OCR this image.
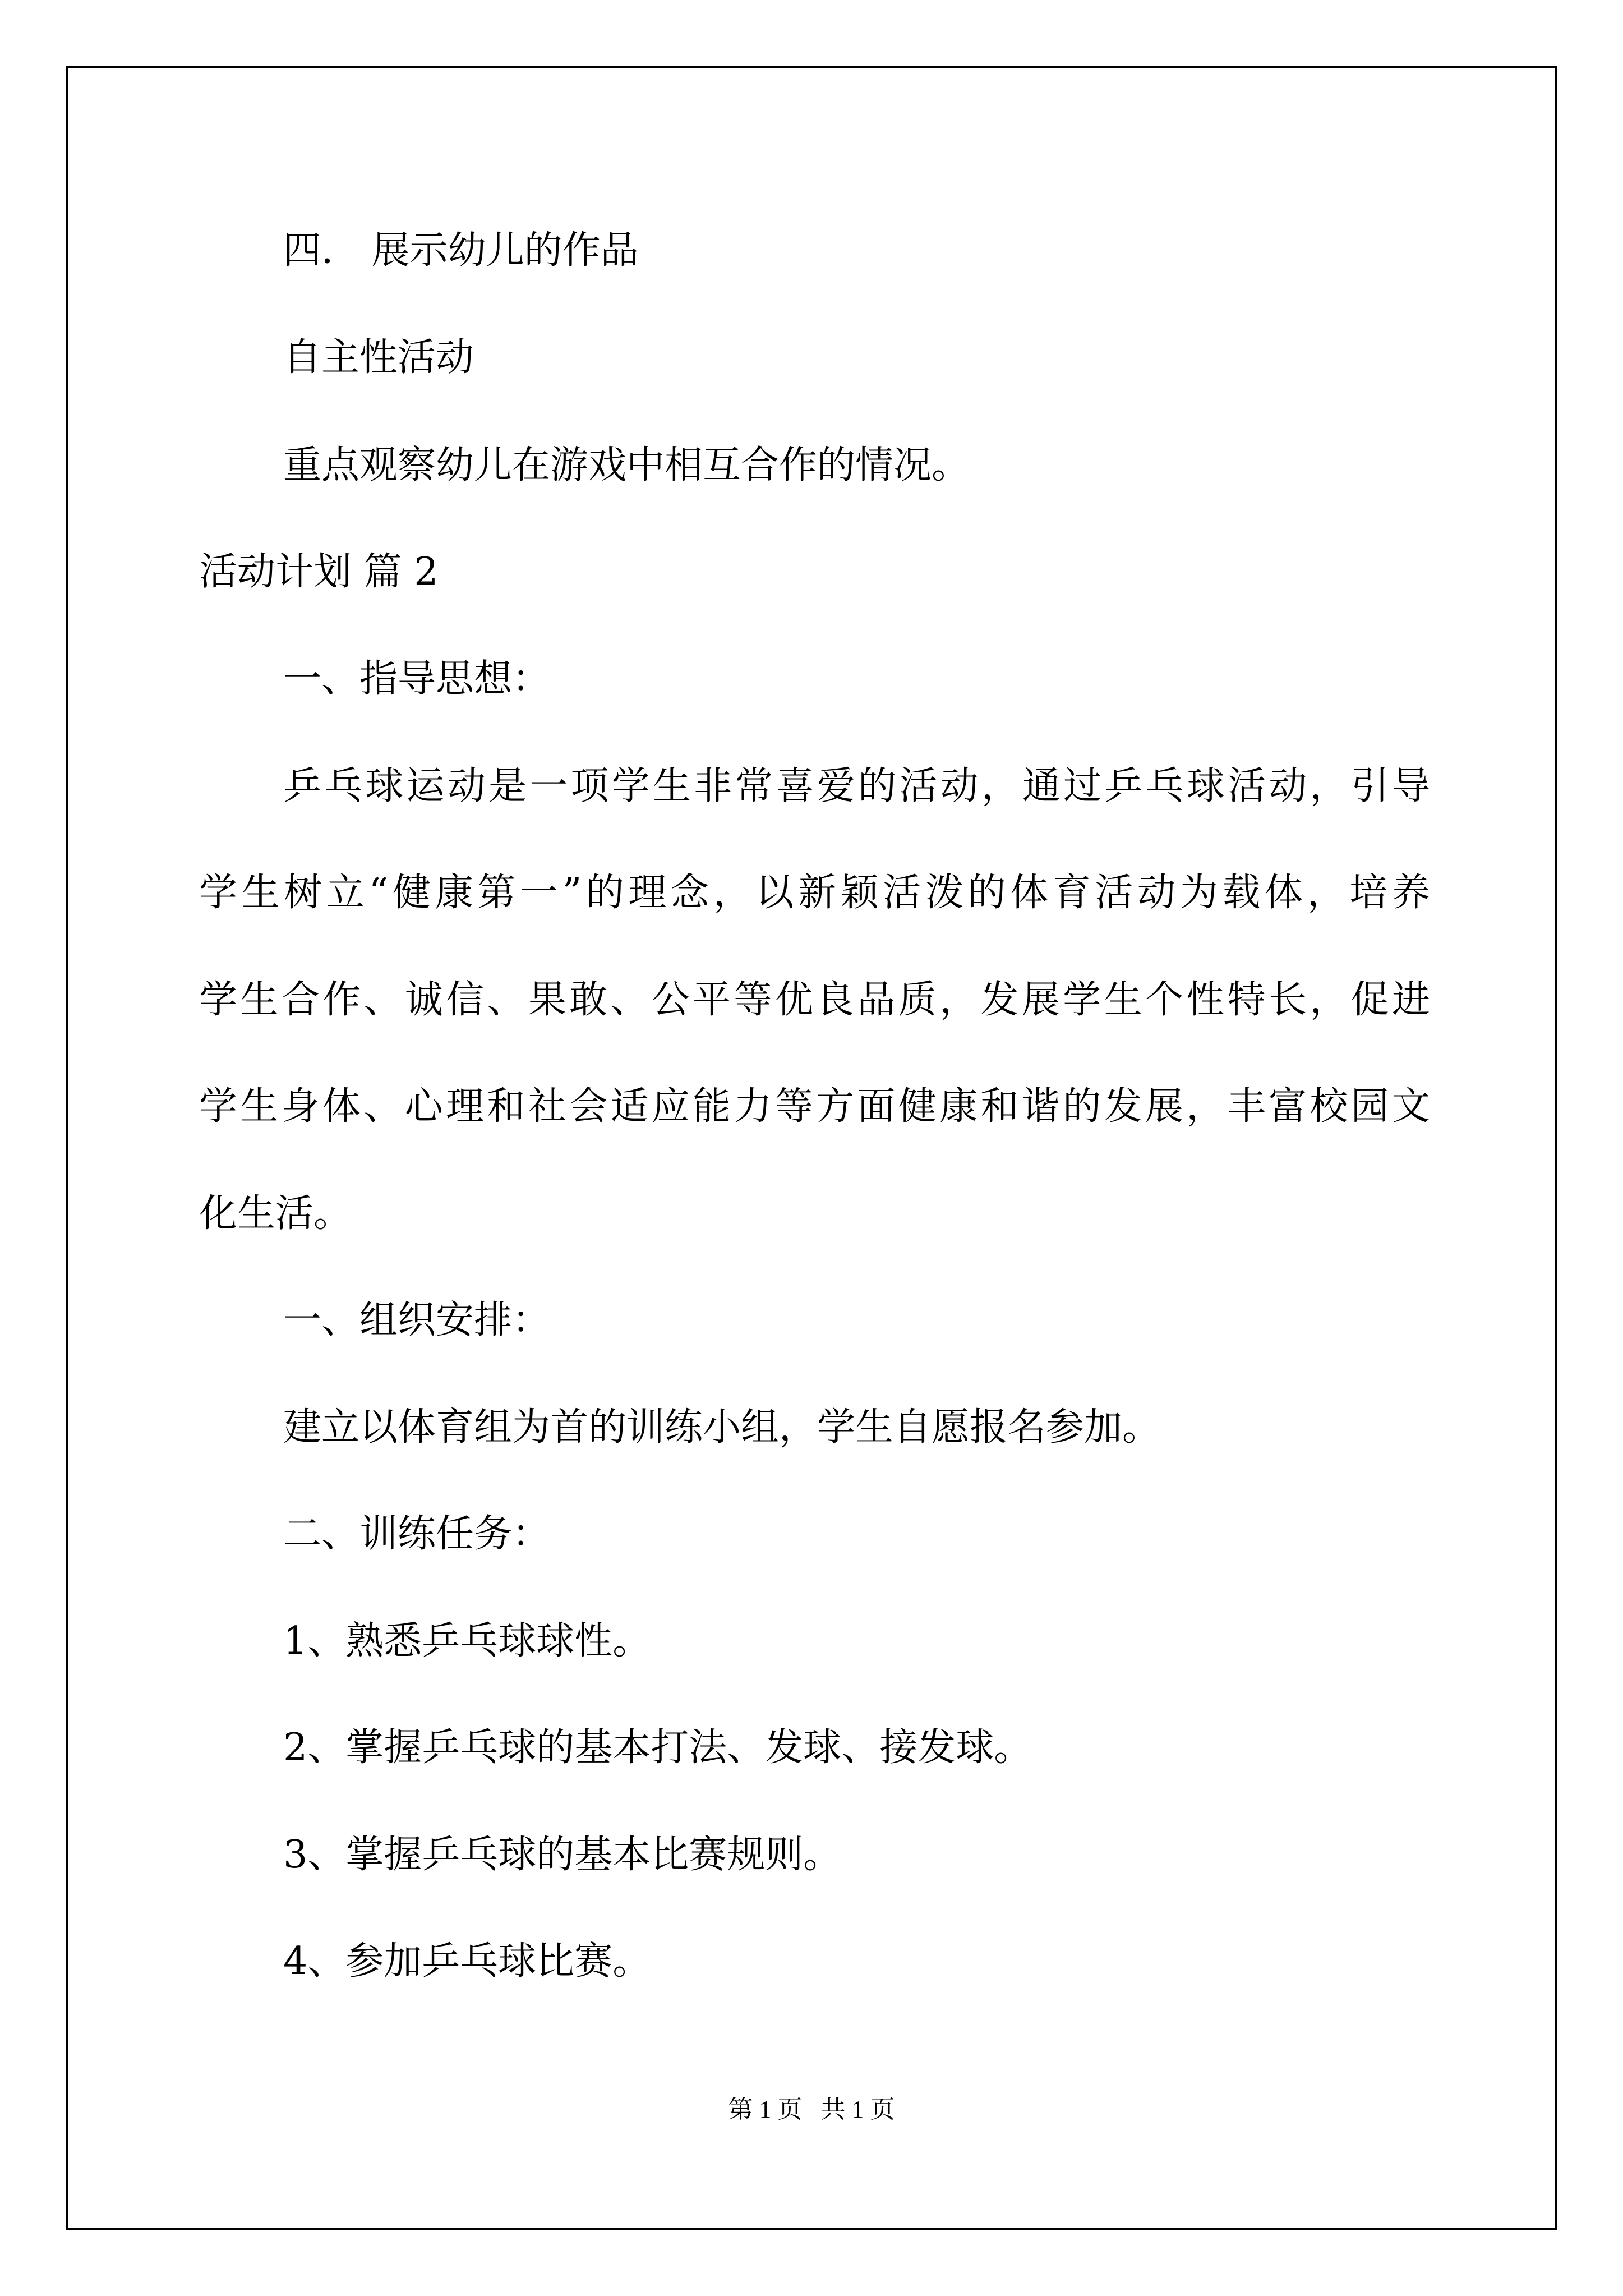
四． 展示幼儿的作品
自主性活动
重点观察幼儿在游戏中相互合作的情况。
活动计划 篇 2
一、指导思想：
乒乓球运动是一项学生非常喜爱的活动，通过乒乓球活动，引导
学生树立“健康第一”的理念，以新颖活泼的体育活动为载体，培养
学生合作、诚信、果敢、公平等优良品质，发展学生个性特长，促进
学生身体、心理和社会适应能力等方面健康和谐的发展，丰富校园文
化生活。
一、组织安排：
建立以体育组为首的训练小组，学生自愿报名参加。
二、训练任务：
1、熟悉乒乓球球性。
2、掌握乒乓球的基本打法、发球、接发球。
3、掌握乒乓球的基本比赛规则。
4、参加乒乓球比赛。
第 1 页   共 1 页
